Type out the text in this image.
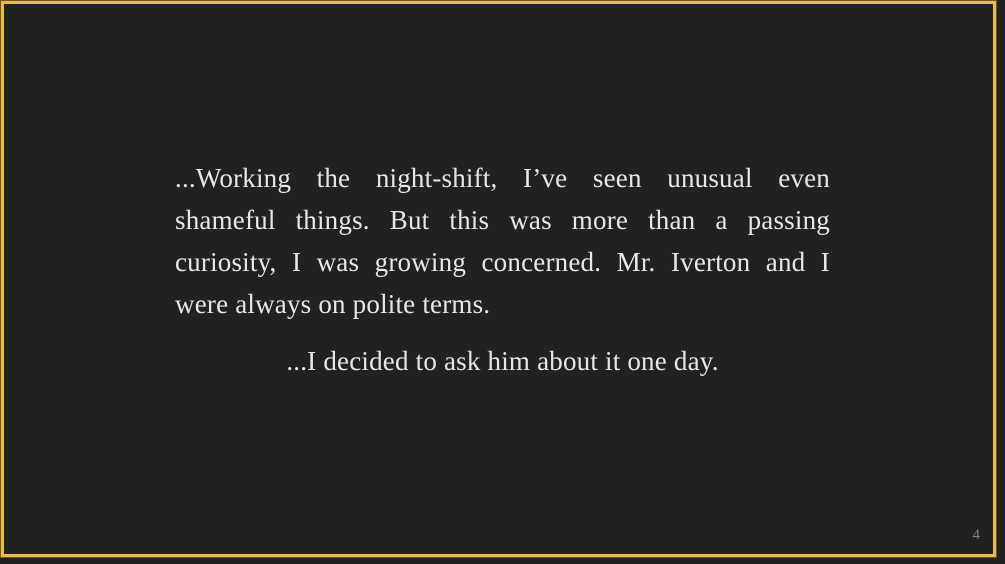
...Working the night-shift, I’ve seen unusual even
shameful things. But this was more than a passing
curiosity, I was growing concerned. Mr. Iverton and I
were always on polite terms.
...I decided to ask him about it one day.
4
